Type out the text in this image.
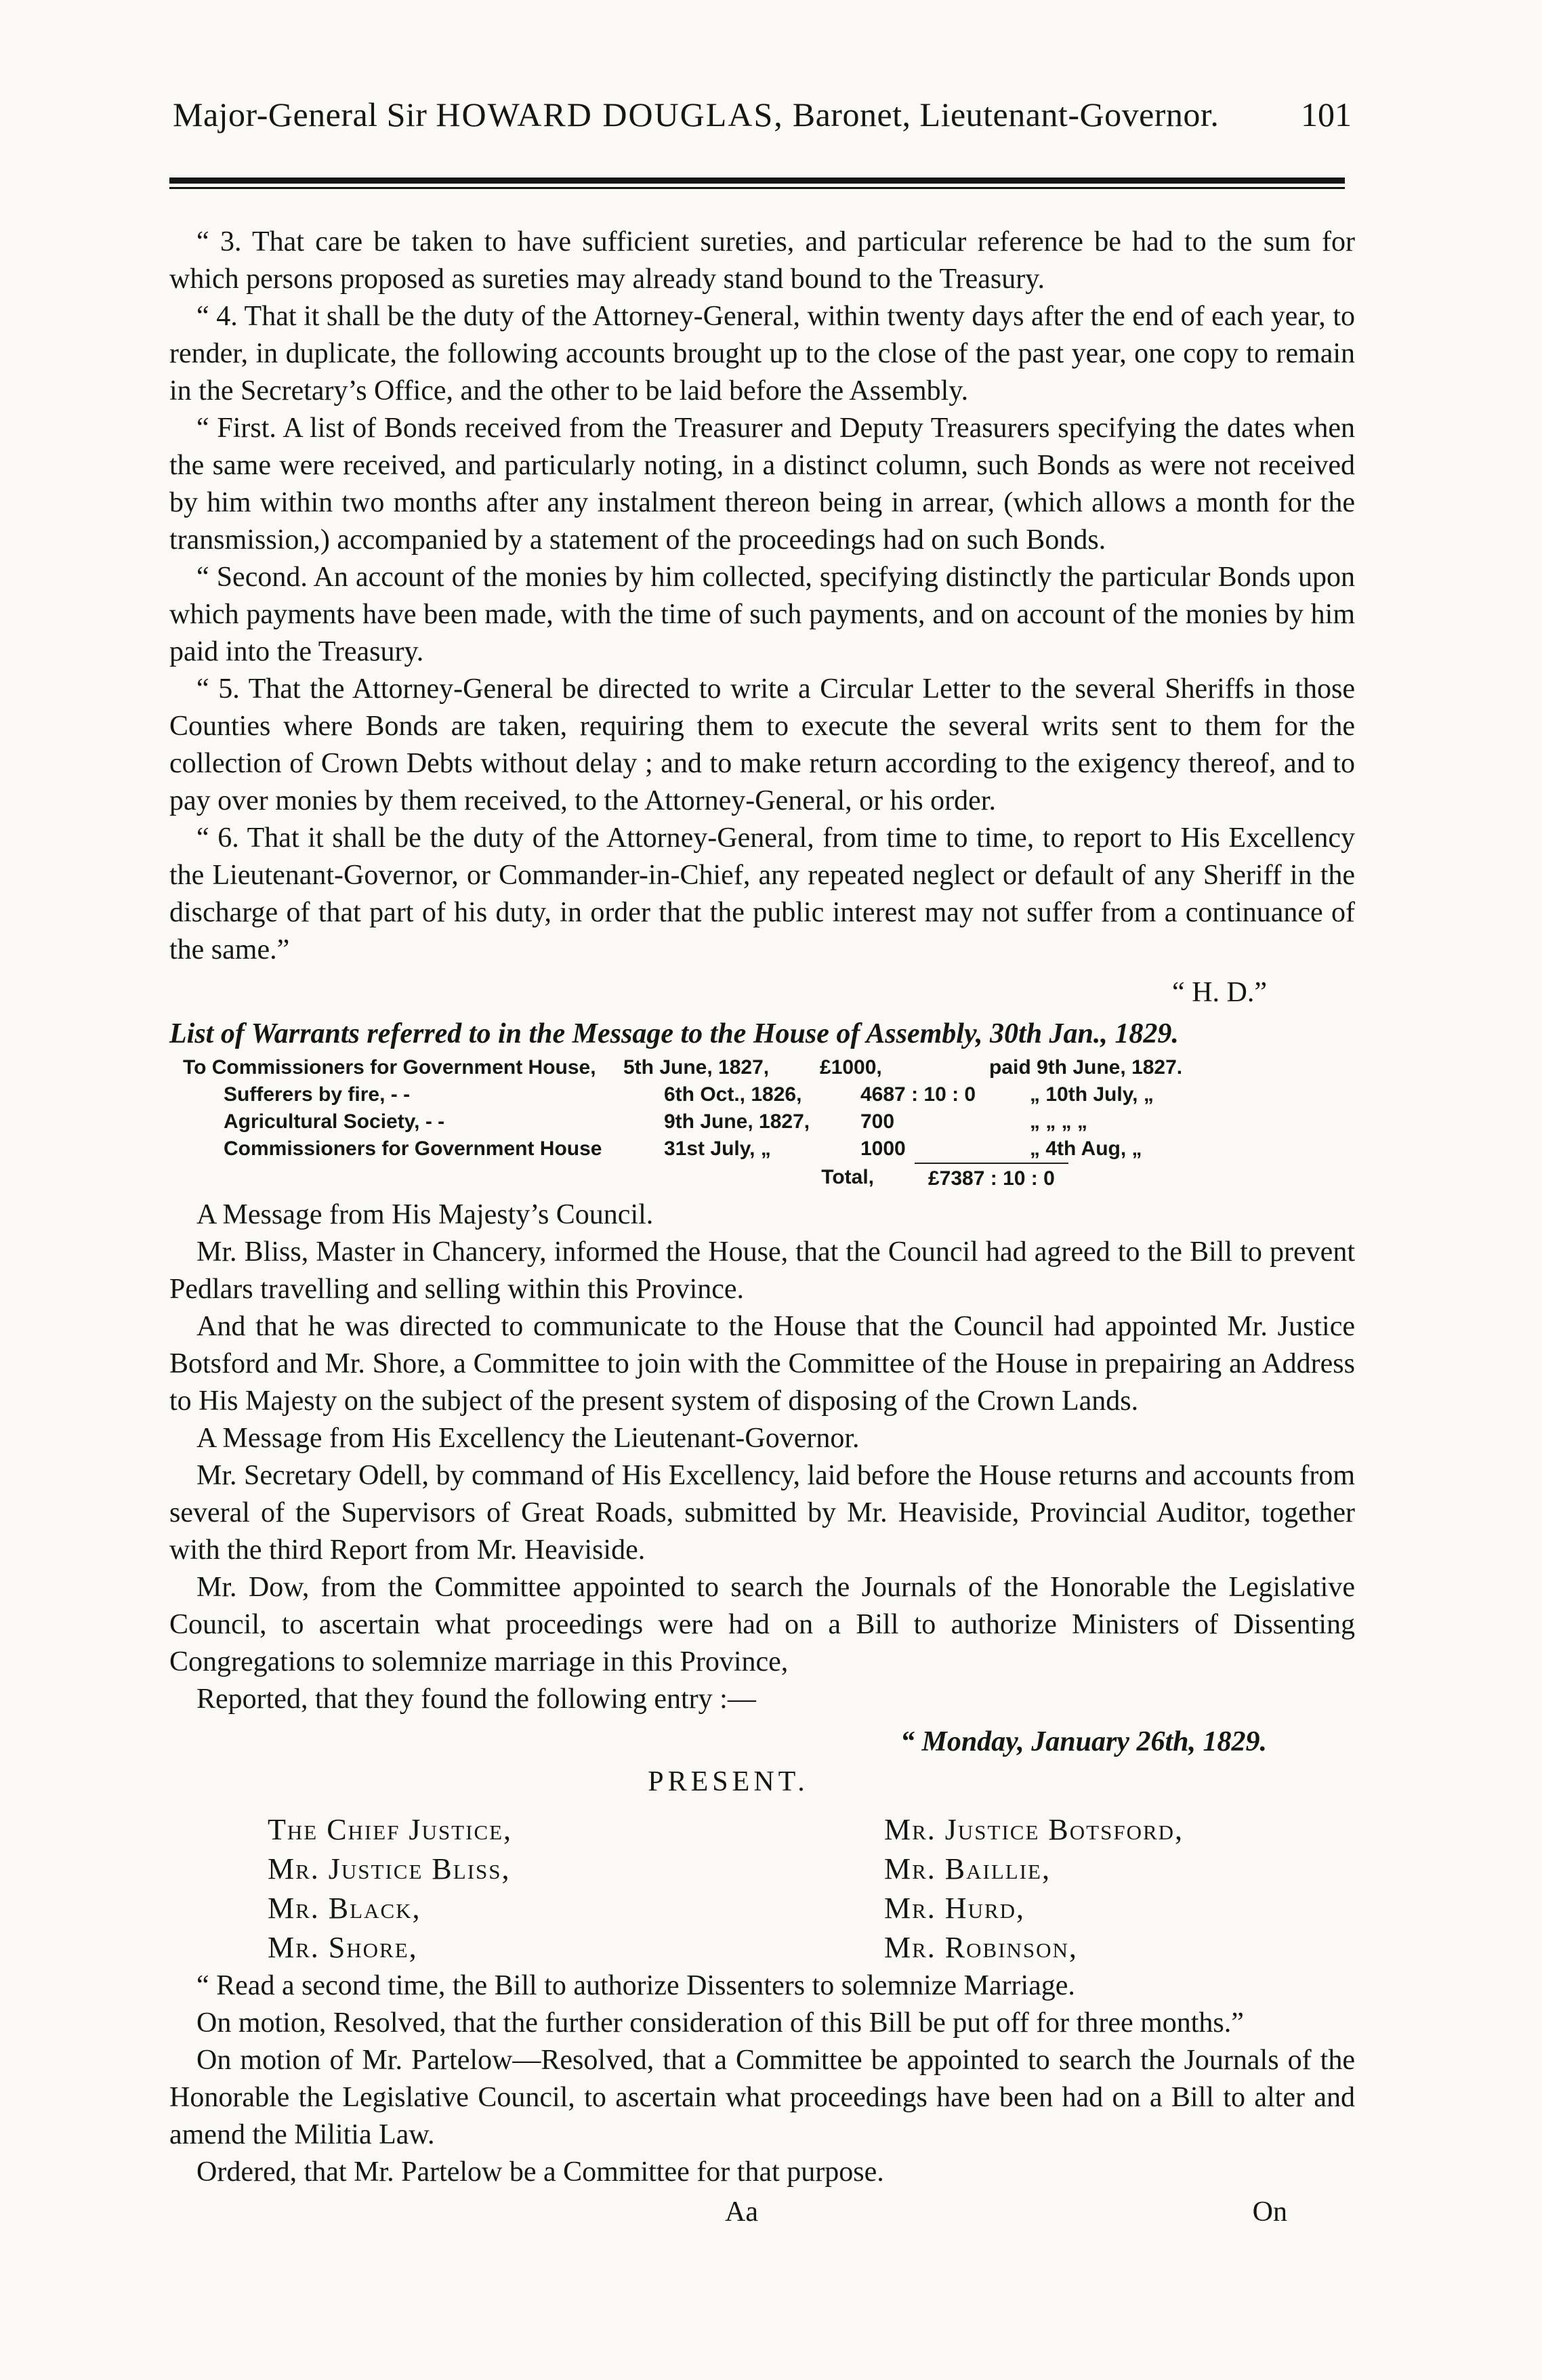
Major-General Sir HOWARD DOUGLAS, Baronet, Lieutenant-Governor. 101

“ 3. That care be taken to have sufficient sureties, and particular reference be had to the sum for which persons proposed as sureties may already stand bound to the Treasury.

“ 4. That it shall be the duty of the Attorney-General, within twenty days after the end of each year, to render, in duplicate, the following accounts brought up to the close of the past year, one copy to remain in the Secretary’s Office, and the other to be laid before the Assembly.

“ First. A list of Bonds received from the Treasurer and Deputy Treasurers specifying the dates when the same were received, and particularly noting, in a distinct column, such Bonds as were not received by him within two months after any instalment thereon being in arrear, (which allows a month for the transmission,) accompanied by a statement of the proceedings had on such Bonds.

“ Second. An account of the monies by him collected, specifying distinctly the particular Bonds upon which payments have been made, with the time of such payments, and on account of the monies by him paid into the Treasury.

“ 5. That the Attorney-General be directed to write a Circular Letter to the several Sheriffs in those Counties where Bonds are taken, requiring them to execute the several writs sent to them for the collection of Crown Debts without delay ; and to make return according to the exigency thereof, and to pay over monies by them received, to the Attorney-General, or his order.

“ 6. That it shall be the duty of the Attorney-General, from time to time, to report to His Excellency the Lieutenant-Governor, or Commander-in-Chief, any repeated neglect or default of any Sheriff in the discharge of that part of his duty, in order that the public interest may not suffer from a continuance of the same.”

“ H. D.”

List of Warrants referred to in the Message to the House of Assembly, 30th Jan., 1829.

To Commissioners for Government House,	5th June, 1827,	£1000,	paid 9th June, 1827.
Sufferers by fire, - -	6th Oct., 1826,	4687 : 10 : 0	„ 10th July, „
Agricultural Society, - -	9th June, 1827,	700	„ „ „ „
Commissioners for Government House	31st July, „	1000	„ 4th Aug, „
Total,	£7387 : 10 : 0

A Message from His Majesty’s Council.

Mr. Bliss, Master in Chancery, informed the House, that the Council had agreed to the Bill to prevent Pedlars travelling and selling within this Province.

And that he was directed to communicate to the House that the Council had appointed Mr. Justice Botsford and Mr. Shore, a Committee to join with the Committee of the House in prepairing an Address to His Majesty on the subject of the present system of disposing of the Crown Lands.

A Message from His Excellency the Lieutenant-Governor.

Mr. Secretary Odell, by command of His Excellency, laid before the House returns and accounts from several of the Supervisors of Great Roads, submitted by Mr. Heaviside, Provincial Auditor, together with the third Report from Mr. Heaviside.

Mr. Dow, from the Committee appointed to search the Journals of the Honorable the Legislative Council, to ascertain what proceedings were had on a Bill to authorize Ministers of Dissenting Congregations to solemnize marriage in this Province,

Reported, that they found the following entry :—

“ Monday, January 26th, 1829.

PRESENT.

The Chief Justice,	Mr. Justice Botsford,
Mr. Justice Bliss,	Mr. Baillie,
Mr. Black,	Mr. Hurd,
Mr. Shore,	Mr. Robinson,

“ Read a second time, the Bill to authorize Dissenters to solemnize Marriage.

On motion, Resolved, that the further consideration of this Bill be put off for three months.”

On motion of Mr. Partelow—Resolved, that a Committee be appointed to search the Journals of the Honorable the Legislative Council, to ascertain what proceedings have been had on a Bill to alter and amend the Militia Law.

Ordered, that Mr. Partelow be a Committee for that purpose.

Aa	On
